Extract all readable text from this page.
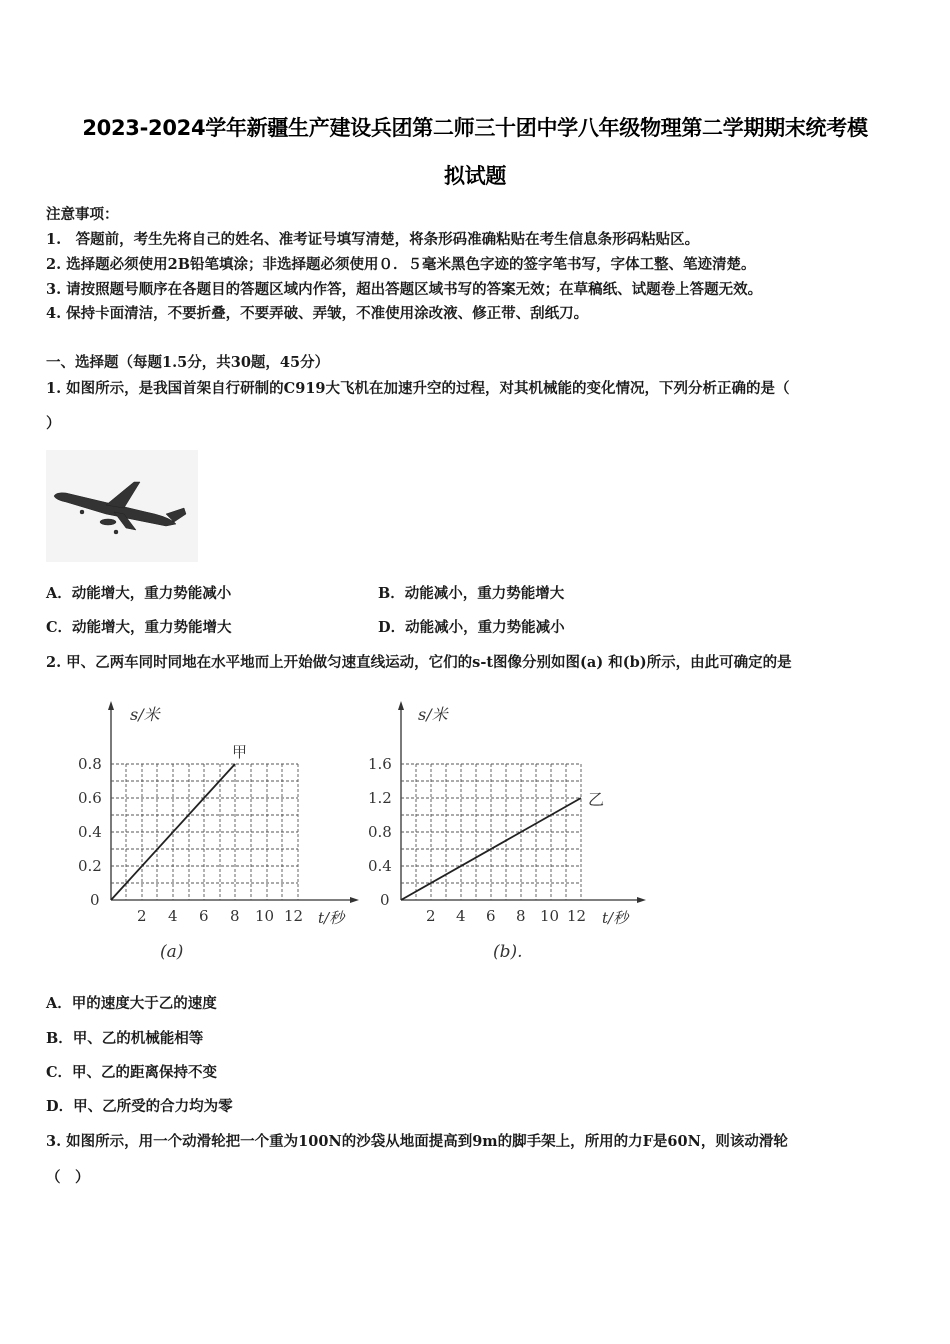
2023-2024学年新疆生产建设兵团第二师三十团中学八年级物理第二学期期末统考模
拟试题
注意事项：
1.　答题前，考生先将自己的姓名、准考证号填写清楚，将条形码准确粘贴在考生信息条形码粘贴区。
2. 选择题必须使用2B铅笔填涂；非选择题必须使用０．５毫米黑色字迹的签字笔书写，字体工整、笔迹清楚。
3. 请按照题号顺序在各题目的答题区域内作答，超出答题区域书写的答案无效；在草稿纸、试题卷上答题无效。
4. 保持卡面清洁，不要折叠，不要弄破、弄皱，不准使用涂改液、修正带、刮纸刀。
一、选择题（每题1.5分，共30题，45分）
1. 如图所示，是我国首架自行研制的C919大飞机在加速升空的过程，对其机械能的变化情况，下列分析正确的是（
）
A．动能增大，重力势能减小	B．动能减小，重力势能增大
C．动能增大，重力势能增大	D．动能减小，重力势能减小
2. 甲、乙两车同时同地在水平地而上开始做匀速直线运动，它们的s-t图像分别如图(a) 和(b)所示，由此可确定的是
甲
s/米
0.8
0.6
0.4
0.2
0
2 4 6 8 10 12 t/秒
(a)
乙
s/米
1.6
1.2
0.8
0.4
0
2 4 6 8 10 12 t/秒
(b).
A．甲的速度大于乙的速度
B．甲、乙的机械能相等
C．甲、乙的距离保持不变
D．甲、乙所受的合力均为零
3. 如图所示，用一个动滑轮把一个重为100N的沙袋从地面提高到9m的脚手架上，所用的力F是60N，则该动滑轮
（　）
